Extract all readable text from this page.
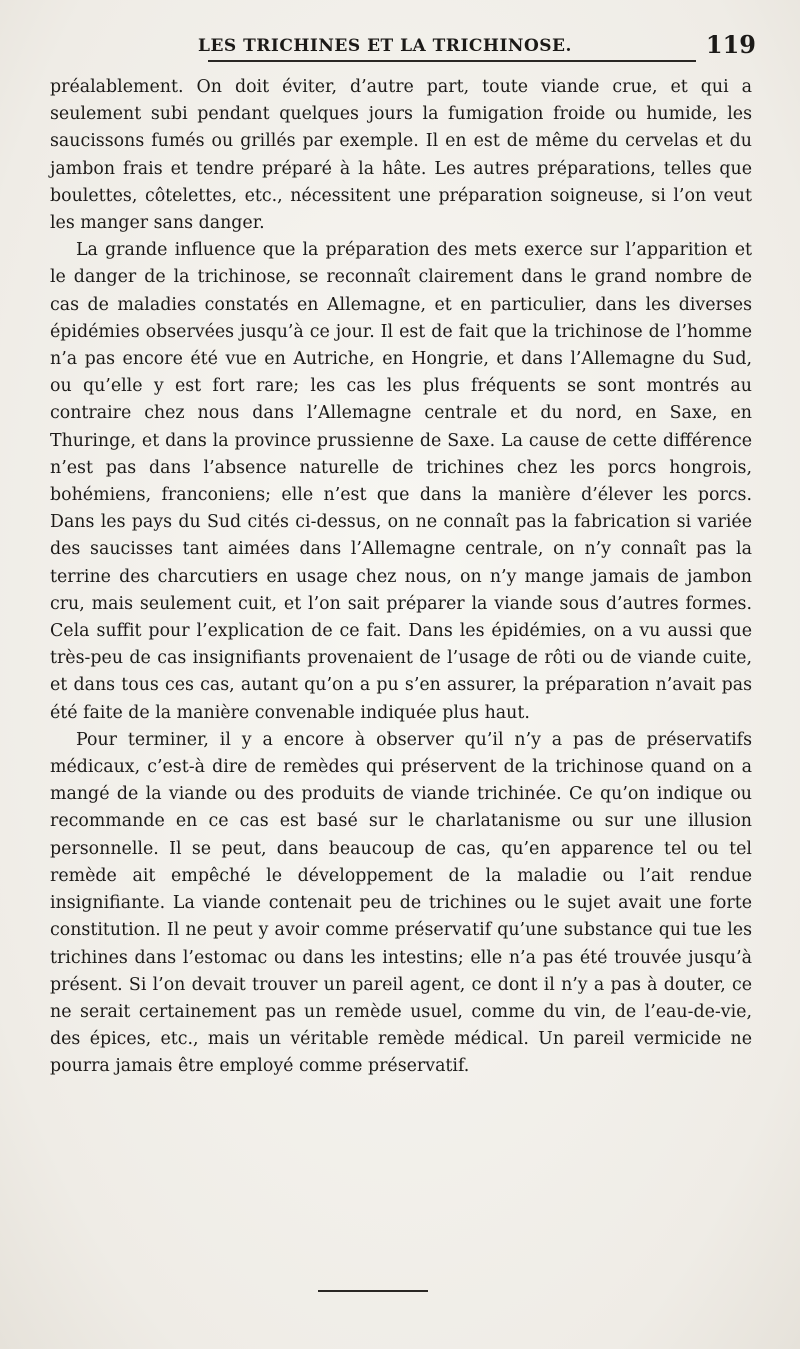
LES TRICHINES ET LA TRICHINOSE.	119

préalablement. On doit éviter, d’autre part, toute viande crue, et qui a seulement subi pendant quelques jours la fumigation froide ou humide, les saucissons fumés ou grillés par exemple. Il en est de même du cervelas et du jambon frais et tendre préparé à la hâte. Les autres préparations, telles que boulettes, côtelettes, etc., nécessitent une préparation soigneuse, si l’on veut les manger sans danger.

La grande influence que la préparation des mets exerce sur l’apparition et le danger de la trichinose, se reconnaît clairement dans le grand nombre de cas de maladies constatés en Allemagne, et en particulier, dans les diverses épidémies observées jusqu’à ce jour. Il est de fait que la trichinose de l’homme n’a pas encore été vue en Autriche, en Hongrie, et dans l’Allemagne du Sud, ou qu’elle y est fort rare; les cas les plus fréquents se sont montrés au contraire chez nous dans l’Allemagne centrale et du nord, en Saxe, en Thuringe, et dans la province prussienne de Saxe. La cause de cette différence n’est pas dans l’absence naturelle de trichines chez les porcs hongrois, bohémiens, franconiens; elle n’est que dans la manière d’élever les porcs. Dans les pays du Sud cités ci-dessus, on ne connaît pas la fabrication si variée des saucisses tant aimées dans l’Allemagne centrale, on n’y connaît pas la terrine des charcutiers en usage chez nous, on n’y mange jamais de jambon cru, mais seulement cuit, et l’on sait préparer la viande sous d’autres formes. Cela suffit pour l’explication de ce fait. Dans les épidémies, on a vu aussi que très-peu de cas insignifiants provenaient de l’usage de rôti ou de viande cuite, et dans tous ces cas, autant qu’on a pu s’en assurer, la préparation n’avait pas été faite de la manière convenable indiquée plus haut.

Pour terminer, il y a encore à observer qu’il n’y a pas de préservatifs médicaux, c’est-à dire de remèdes qui préservent de la trichinose quand on a mangé de la viande ou des produits de viande trichinée. Ce qu’on indique ou recommande en ce cas est basé sur le charlatanisme ou sur une illusion personnelle. Il se peut, dans beaucoup de cas, qu’en apparence tel ou tel remède ait empêché le développement de la maladie ou l’ait rendue insignifiante. La viande contenait peu de trichines ou le sujet avait une forte constitution. Il ne peut y avoir comme préservatif qu’une substance qui tue les trichines dans l’estomac ou dans les intestins; elle n’a pas été trouvée jusqu’à présent. Si l’on devait trouver un pareil agent, ce dont il n’y a pas à douter, ce ne serait certainement pas un remède usuel, comme du vin, de l’eau-de-vie, des épices, etc., mais un véritable remède médical. Un pareil vermicide ne pourra jamais être employé comme préservatif.
